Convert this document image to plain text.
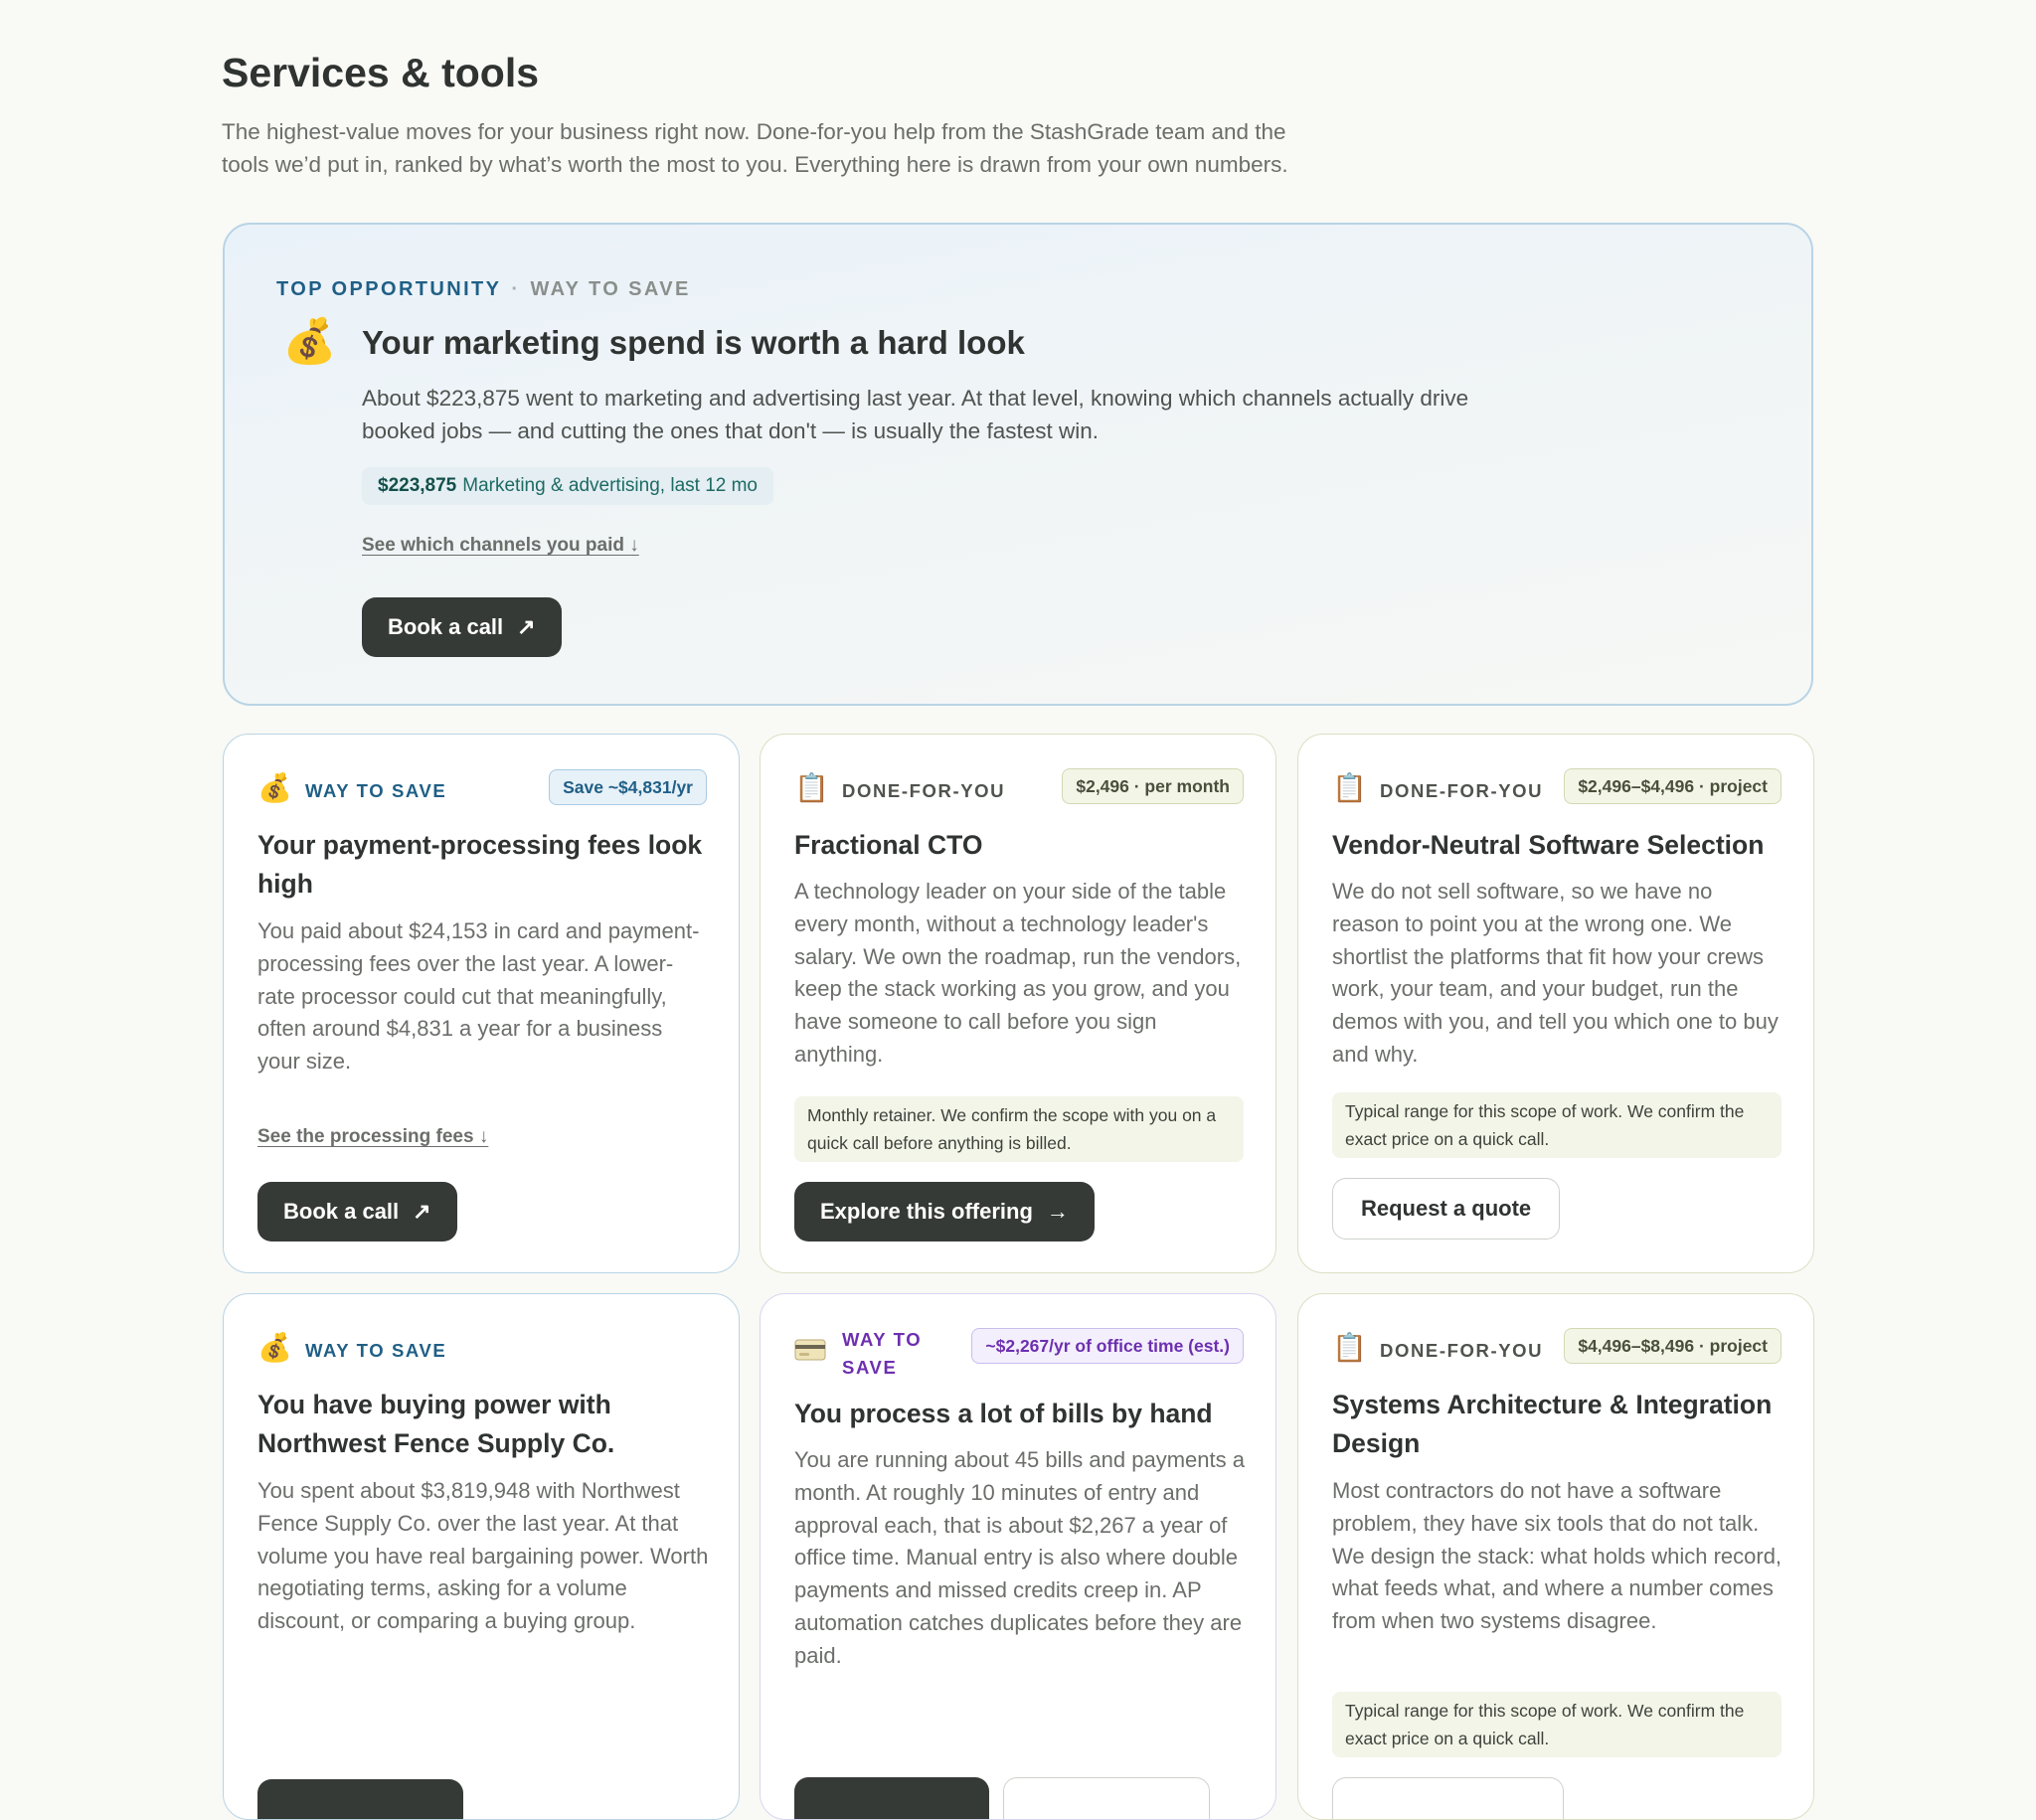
Services & tools

The highest-value moves for your business right now. Done-for-you help from the StashGrade team and the tools we’d put in, ranked by what’s worth the most to you. Everything here is drawn from your own numbers.

TOP OPPORTUNITY · WAY TO SAVE
💰 Your marketing spend is worth a hard look

About $223,875 went to marketing and advertising last year. At that level, knowing which channels actually drive booked jobs — and cutting the ones that don't — is usually the fastest win.

$223,875 Marketing & advertising, last 12 mo
See which channels you paid ↓
Book a call ↗
💰 WAY TO SAVE	Save ~$4,831/yr
Your payment-processing fees look high

You paid about $24,153 in card and payment-processing fees over the last year. A lower-rate processor could cut that meaningfully, often around $4,831 a year for a business your size.

See the processing fees ↓
Book a call ↗
📋 DONE-FOR-YOU	$2,496 · per month
Fractional CTO

A technology leader on your side of the table every month, without a technology leader's salary. We own the roadmap, run the vendors, keep the stack working as you grow, and you have someone to call before you sign anything.

Monthly retainer. We confirm the scope with you on a quick call before anything is billed.
Explore this offering →
📋 DONE-FOR-YOU	$2,496–$4,496 · project
Vendor-Neutral Software Selection

We do not sell software, so we have no reason to point you at the wrong one. We shortlist the platforms that fit how your crews work, your team, and your budget, run the demos with you, and tell you which one to buy and why.

Typical range for this scope of work. We confirm the exact price on a quick call.
Request a quote
💰 WAY TO SAVE
You have buying power with Northwest Fence Supply Co.

You spent about $3,819,948 with Northwest Fence Supply Co. over the last year. At that volume you have real bargaining power. Worth negotiating terms, asking for a volume discount, or comparing a buying group.

WAY TO SAVE
~$2,267/yr of office time (est.)
You process a lot of bills by hand

You are running about 45 bills and payments a month. At roughly 10 minutes of entry and approval each, that is about $2,267 a year of office time. Manual entry is also where double payments and missed credits creep in. AP automation catches duplicates before they are paid.

📋 DONE-FOR-YOU	$4,496–$8,496 · project
Systems Architecture & Integration Design

Most contractors do not have a software problem, they have six tools that do not talk. We design the stack: what holds which record, what feeds what, and where a number comes from when two systems disagree.

Typical range for this scope of work. We confirm the exact price on a quick call.
